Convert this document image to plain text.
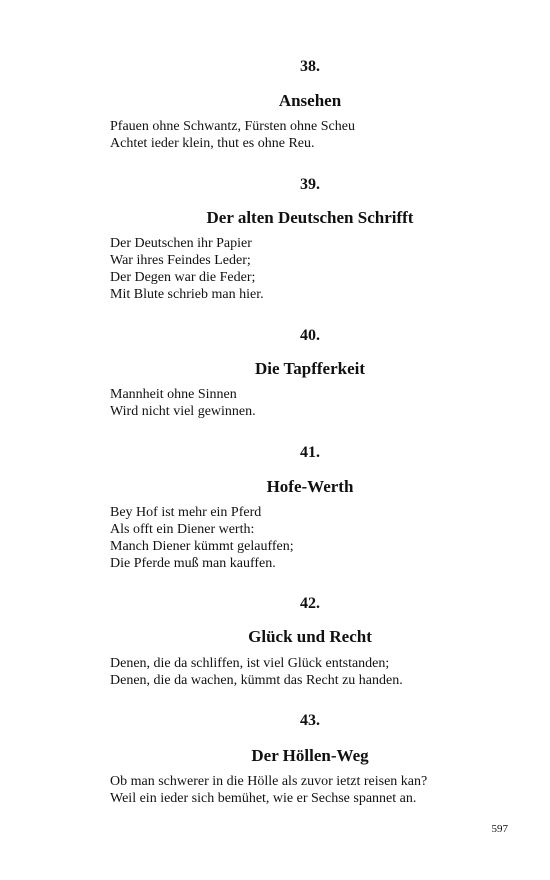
38.
Ansehen
Pfauen ohne Schwantz, Fürsten ohne Scheu
Achtet ieder klein, thut es ohne Reu.
39.
Der alten Deutschen Schrifft
Der Deutschen ihr Papier
War ihres Feindes Leder;
Der Degen war die Feder;
Mit Blute schrieb man hier.
40.
Die Tapfferkeit
Mannheit ohne Sinnen
Wird nicht viel gewinnen.
41.
Hofe-Werth
Bey Hof ist mehr ein Pferd
Als offt ein Diener werth:
Manch Diener kümmt gelauffen;
Die Pferde muß man kauffen.
42.
Glück und Recht
Denen, die da schliffen, ist viel Glück entstanden;
Denen, die da wachen, kümmt das Recht zu handen.
43.
Der Höllen-Weg
Ob man schwerer in die Hölle als zuvor ietzt reisen kan?
Weil ein ieder sich bemühet, wie er Sechse spannet an.
597
